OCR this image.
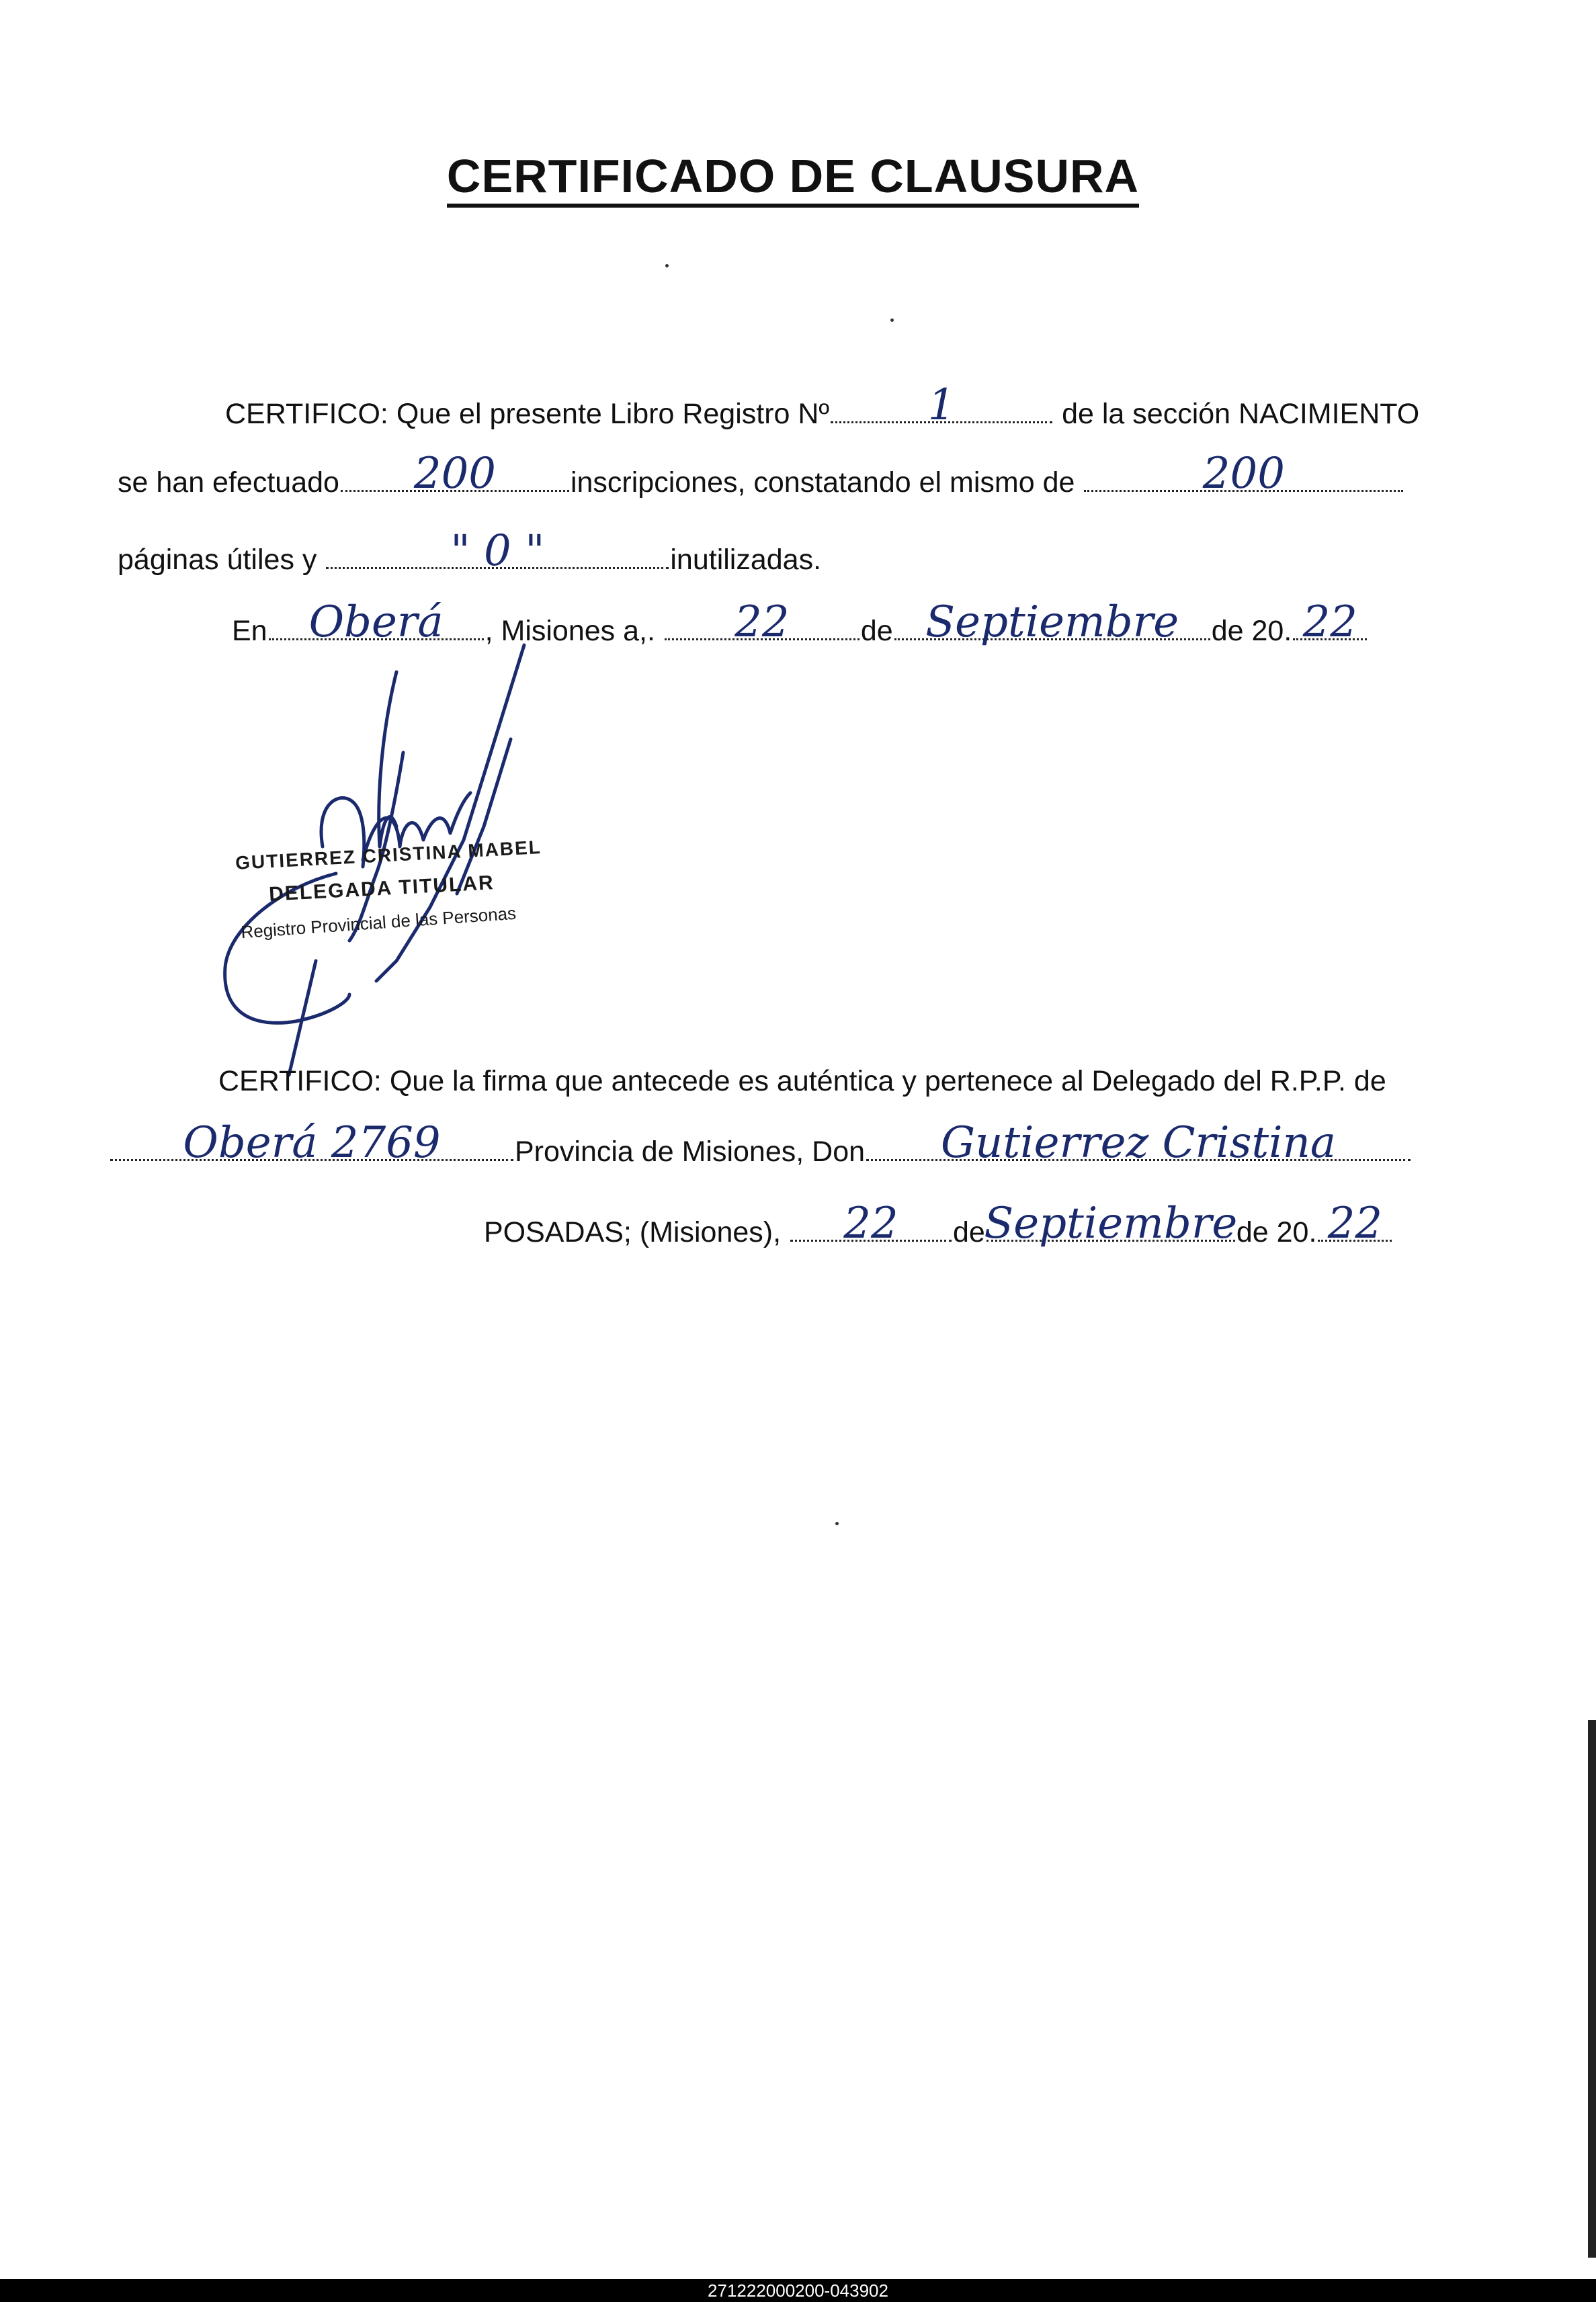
CERTIFICADO DE CLAUSURA
CERTIFICO: Que el presente Libro Registro Nº 1	de la sección NACIMIENTO
se han efectuado 200	inscripciones, constatando el mismo de	200
páginas útiles y	" 0 "	inutilizadas.
En Oberá , Misiones a,. 22 de Septiembre de 20. 22
GUTIERREZ CRISTINA MABEL
DELEGADA TITULAR
Registro Provincial de las Personas
CERTIFICO: Que la firma que antecede es auténtica y pertenece al Delegado del R.P.P. de
Oberá 2769	Provincia de Misiones, Don Gutierrez Cristina
POSADAS; (Misiones), 22 de
Septiembre
de 20. 22
271222000200-043902
